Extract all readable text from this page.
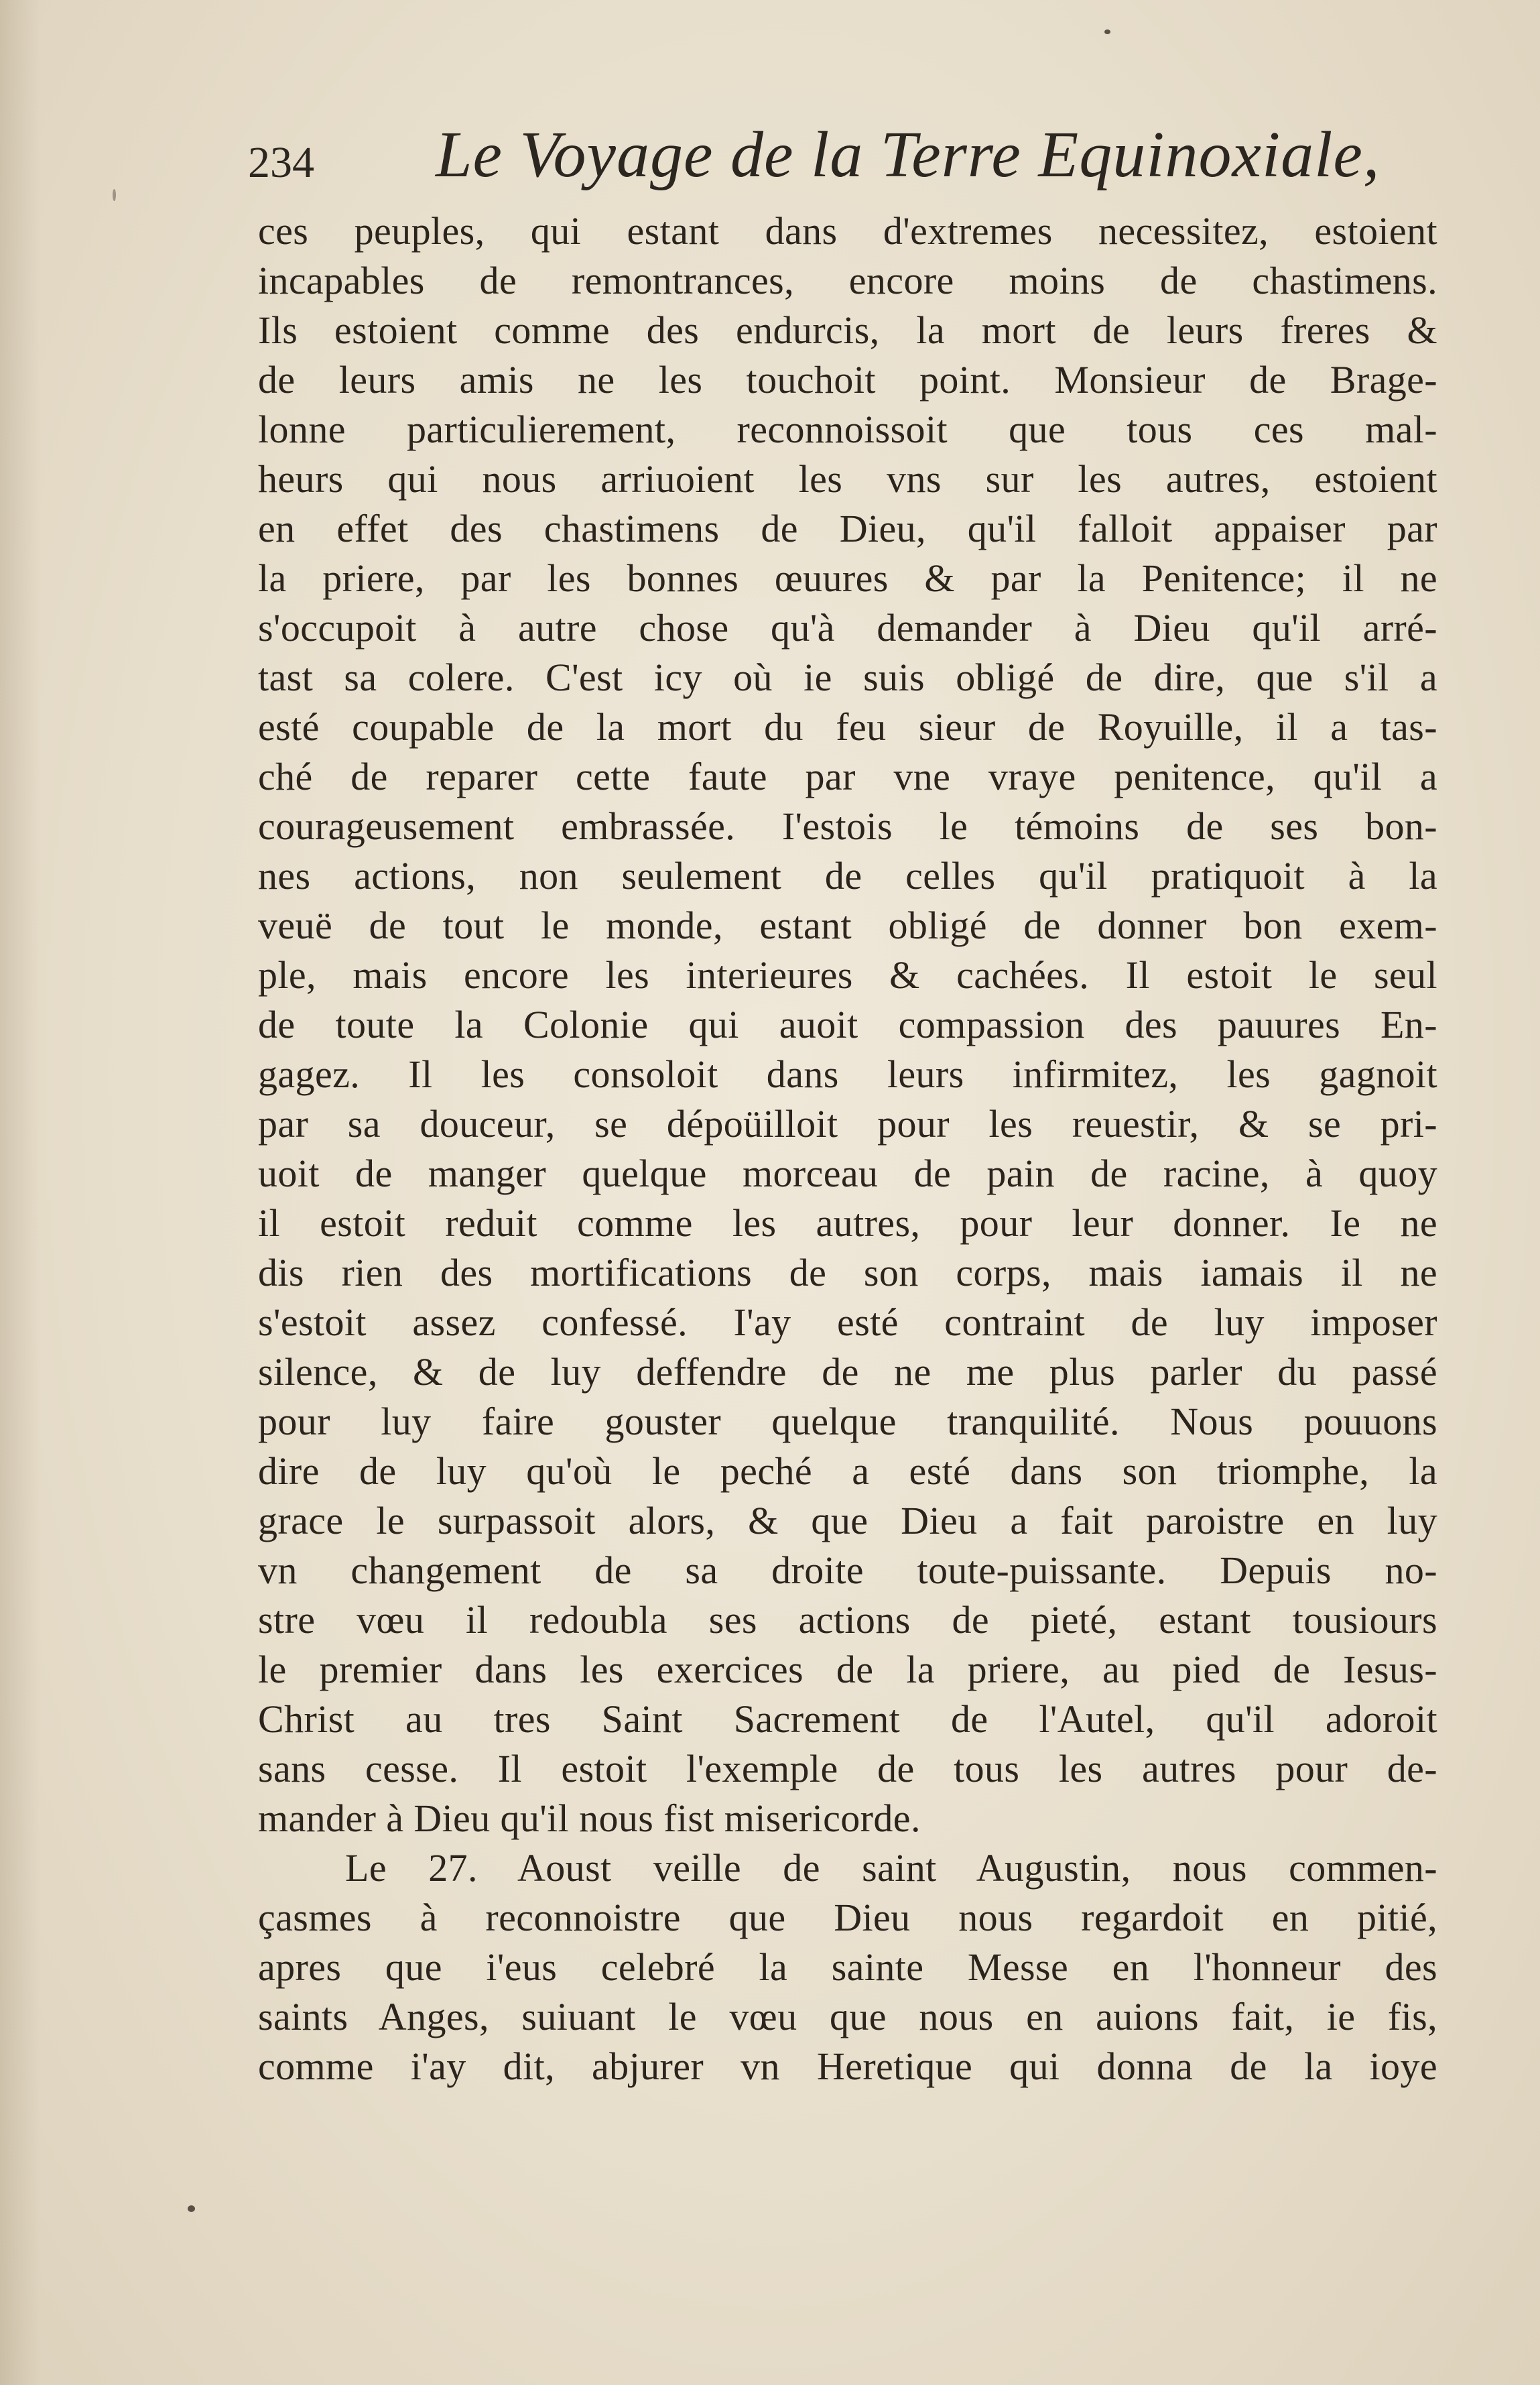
234 Le Voyage de la Terre Equinoxiale,
ces peuples, qui estant dans d'extremes necessitez, estoient
incapables de remontrances, encore moins de chastimens.
Ils estoient comme des endurcis, la mort de leurs freres &
de leurs amis ne les touchoit point. Monsieur de Brage-
lonne particulierement, reconnoissoit que tous ces mal-
heurs qui nous arriuoient les vns sur les autres, estoient
en effet des chastimens de Dieu, qu'il falloit appaiser par
la priere, par les bonnes œuures & par la Penitence; il ne
s'occupoit à autre chose qu'à demander à Dieu qu'il arré-
tast sa colere. C'est icy où ie suis obligé de dire, que s'il a
esté coupable de la mort du feu sieur de Royuille, il a tas-
ché de reparer cette faute par vne vraye penitence, qu'il a
courageusement embrassée. I'estois le témoins de ses bon-
nes actions, non seulement de celles qu'il pratiquoit à la
veuë de tout le monde, estant obligé de donner bon exem-
ple, mais encore les interieures & cachées. Il estoit le seul
de toute la Colonie qui auoit compassion des pauures En-
gagez. Il les consoloit dans leurs infirmitez, les gagnoit
par sa douceur, se dépoüilloit pour les reuestir, & se pri-
uoit de manger quelque morceau de pain de racine, à quoy
il estoit reduit comme les autres, pour leur donner. Ie ne
dis rien des mortifications de son corps, mais iamais il ne
s'estoit assez confessé. I'ay esté contraint de luy imposer
silence, & de luy deffendre de ne me plus parler du passé
pour luy faire gouster quelque tranquilité. Nous pouuons
dire de luy qu'où le peché a esté dans son triomphe, la
grace le surpassoit alors, & que Dieu a fait paroistre en luy
vn changement de sa droite toute-puissante. Depuis no-
stre vœu il redoubla ses actions de pieté, estant tousiours
le premier dans les exercices de la priere, au pied de Iesus-
Christ au tres Saint Sacrement de l'Autel, qu'il adoroit
sans cesse. Il estoit l'exemple de tous les autres pour de-
mander à Dieu qu'il nous fist misericorde.
Le 27. Aoust veille de saint Augustin, nous commen-
çasmes à reconnoistre que Dieu nous regardoit en pitié,
apres que i'eus celebré la sainte Messe en l'honneur des
saints Anges, suiuant le vœu que nous en auions fait, ie fis,
comme i'ay dit, abjurer vn Heretique qui donna de la ioye
